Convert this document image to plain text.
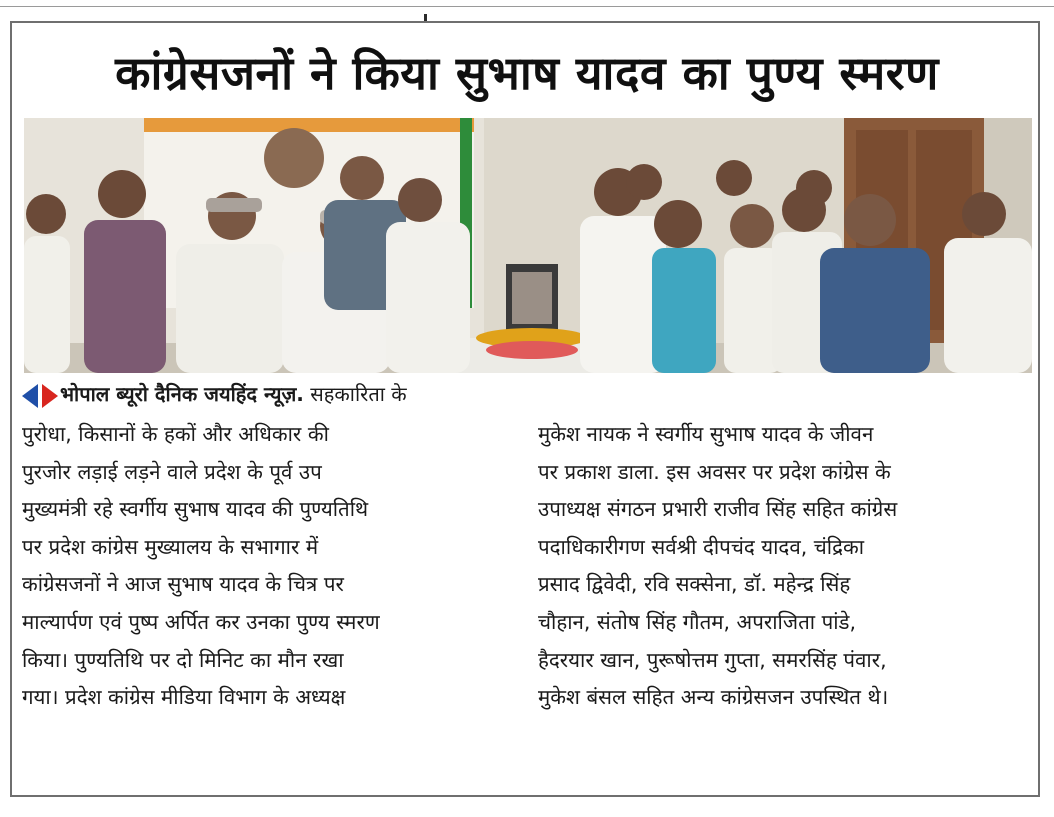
कांग्रेसजनों ने किया सुभाष यादव का पुण्य स्मरण
भोपाल ब्यूरो दैनिक जयहिंद न्यूज़. सहकारिता के
पुरोधा, किसानों के हकों और अधिकार की
पुरजोर लड़ाई लड़ने वाले प्रदेश के पूर्व उप
मुख्यमंत्री रहे स्वर्गीय सुभाष यादव की पुण्यतिथि
पर प्रदेश कांग्रेस मुख्यालय के सभागार में
कांग्रेसजनों ने आज सुभाष यादव के चित्र पर
माल्यार्पण एवं पुष्प अर्पित कर उनका पुण्य स्मरण
किया। पुण्यतिथि पर दो मिनिट का मौन रखा
गया। प्रदेश कांग्रेस मीडिया विभाग के अध्यक्ष
मुकेश नायक ने स्वर्गीय सुभाष यादव के जीवन
पर प्रकाश डाला. इस अवसर पर प्रदेश कांग्रेस के
उपाध्यक्ष संगठन प्रभारी राजीव सिंह सहित कांग्रेस
पदाधिकारीगण सर्वश्री दीपचंद यादव, चंद्रिका
प्रसाद द्विवेदी, रवि सक्सेना, डॉ. महेन्द्र सिंह
चौहान, संतोष सिंह गौतम, अपराजिता पांडे,
हैदरयार खान, पुरूषोत्तम गुप्ता, समरसिंह पंवार,
मुकेश बंसल सहित अन्य कांग्रेसजन उपस्थित थे।
